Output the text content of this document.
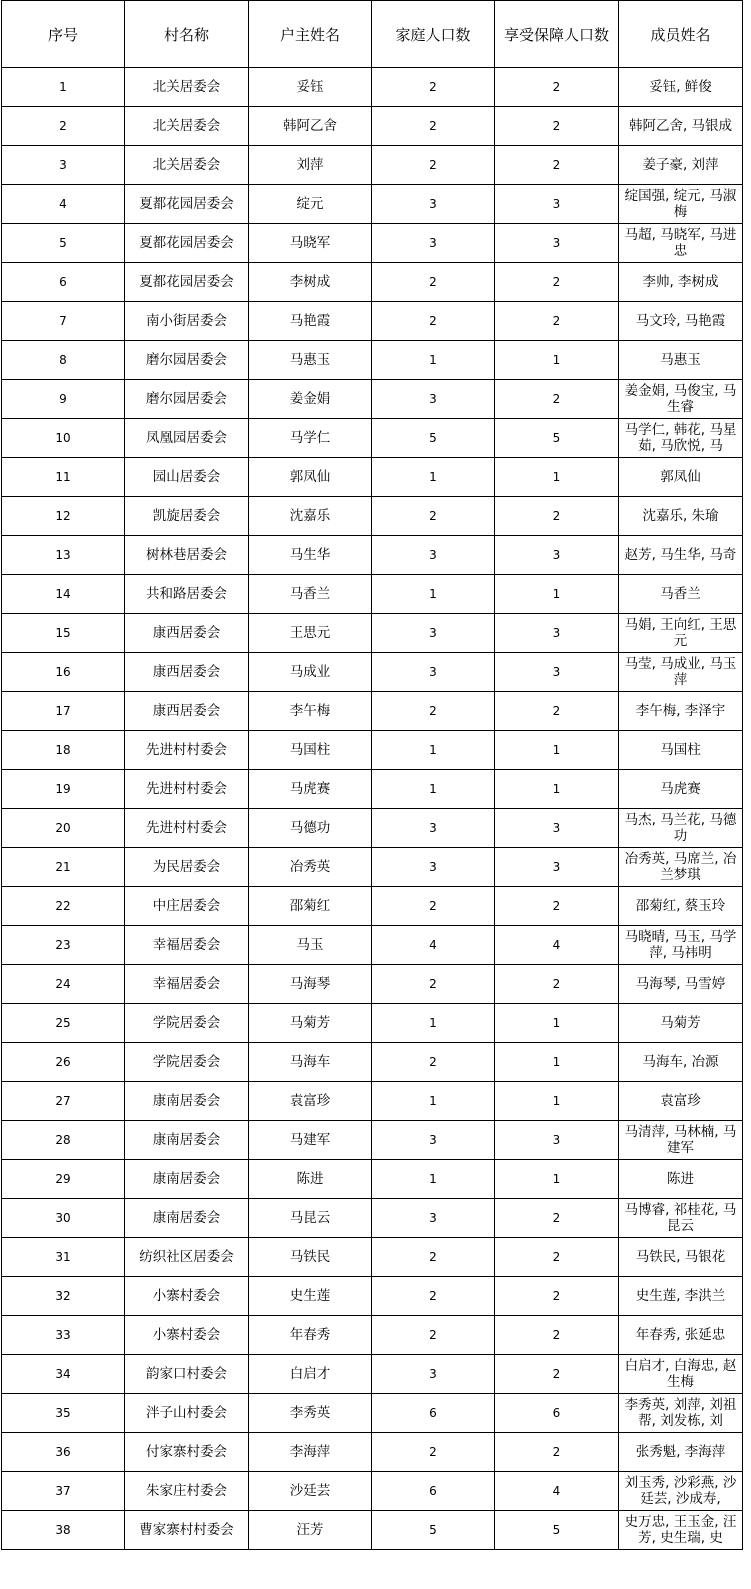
序号	村名称	户主姓名	家庭人口数	享受保障人口数	成员姓名
1	北关居委会	妥钰	2	2	妥钰, 鲜俊

2	北关居委会	韩阿乙舍	2	2	韩阿乙舍, 马银成

3	北关居委会	刘萍	2	2	姜子豪, 刘萍

4	夏都花园居委会	绽元	3	3	绽国强, 绽元, 马淑梅

5	夏都花园居委会	马晓军	3	3	马超, 马晓军, 马进忠

6	夏都花园居委会	李树成	2	2	李帅, 李树成

7	南小街居委会	马艳霞	2	2	马文玲, 马艳霞

8	磨尔园居委会	马惠玉	1	1	马惠玉

9	磨尔园居委会	姜金娟	3	2	姜金娟, 马俊宝, 马生睿

10	凤凰园居委会	马学仁	5	5	马学仁, 韩花, 马星茹, 马欣悦, 马

11	园山居委会	郭凤仙	1	1	郭凤仙

12	凯旋居委会	沈嘉乐	2	2	沈嘉乐, 朱瑜

13	树林巷居委会	马生华	3	3	赵芳, 马生华, 马奇

14	共和路居委会	马香兰	1	1	马香兰

15	康西居委会	王思元	3	3	马娟, 王向红, 王思元

16	康西居委会	马成业	3	3	马莹, 马成业, 马玉萍

17	康西居委会	李午梅	2	2	李午梅, 李泽宇

18	先进村村委会	马国柱	1	1	马国柱

19	先进村村委会	马虎赛	1	1	马虎赛

20	先进村村委会	马德功	3	3	马杰, 马兰花, 马德功

21	为民居委会	冶秀英	3	3	冶秀英, 马席兰, 冶兰梦琪

22	中庄居委会	邵菊红	2	2	邵菊红, 蔡玉玲

23	幸福居委会	马玉	4	4	马晓晴, 马玉, 马学萍, 马祎明

24	幸福居委会	马海琴	2	2	马海琴, 马雪婷

25	学院居委会	马菊芳	1	1	马菊芳

26	学院居委会	马海车	2	1	马海车, 冶源

27	康南居委会	袁富珍	1	1	袁富珍

28	康南居委会	马建军	3	3	马清萍, 马林楠, 马建军

29	康南居委会	陈进	1	1	陈进

30	康南居委会	马昆云	3	2	马博睿, 祁桂花, 马昆云

31	纺织社区居委会	马铁民	2	2	马铁民, 马银花

32	小寨村委会	史生莲	2	2	史生莲, 李洪兰

33	小寨村委会	年春秀	2	2	年春秀, 张延忠

34	韵家口村委会	白启才	3	2	白启才, 白海忠, 赵生梅

35	泮子山村委会	李秀英	6	6	李秀英, 刘萍, 刘祖帮, 刘发栋, 刘

36	付家寨村委会	李海萍	2	2	张秀魁, 李海萍

37	朱家庄村委会	沙廷芸	6	4	刘玉秀, 沙彩燕, 沙廷芸, 沙成寿,

38	曹家寨村村委会	汪芳	5	5	史万忠, 王玉金, 汪芳, 史生瑞, 史
